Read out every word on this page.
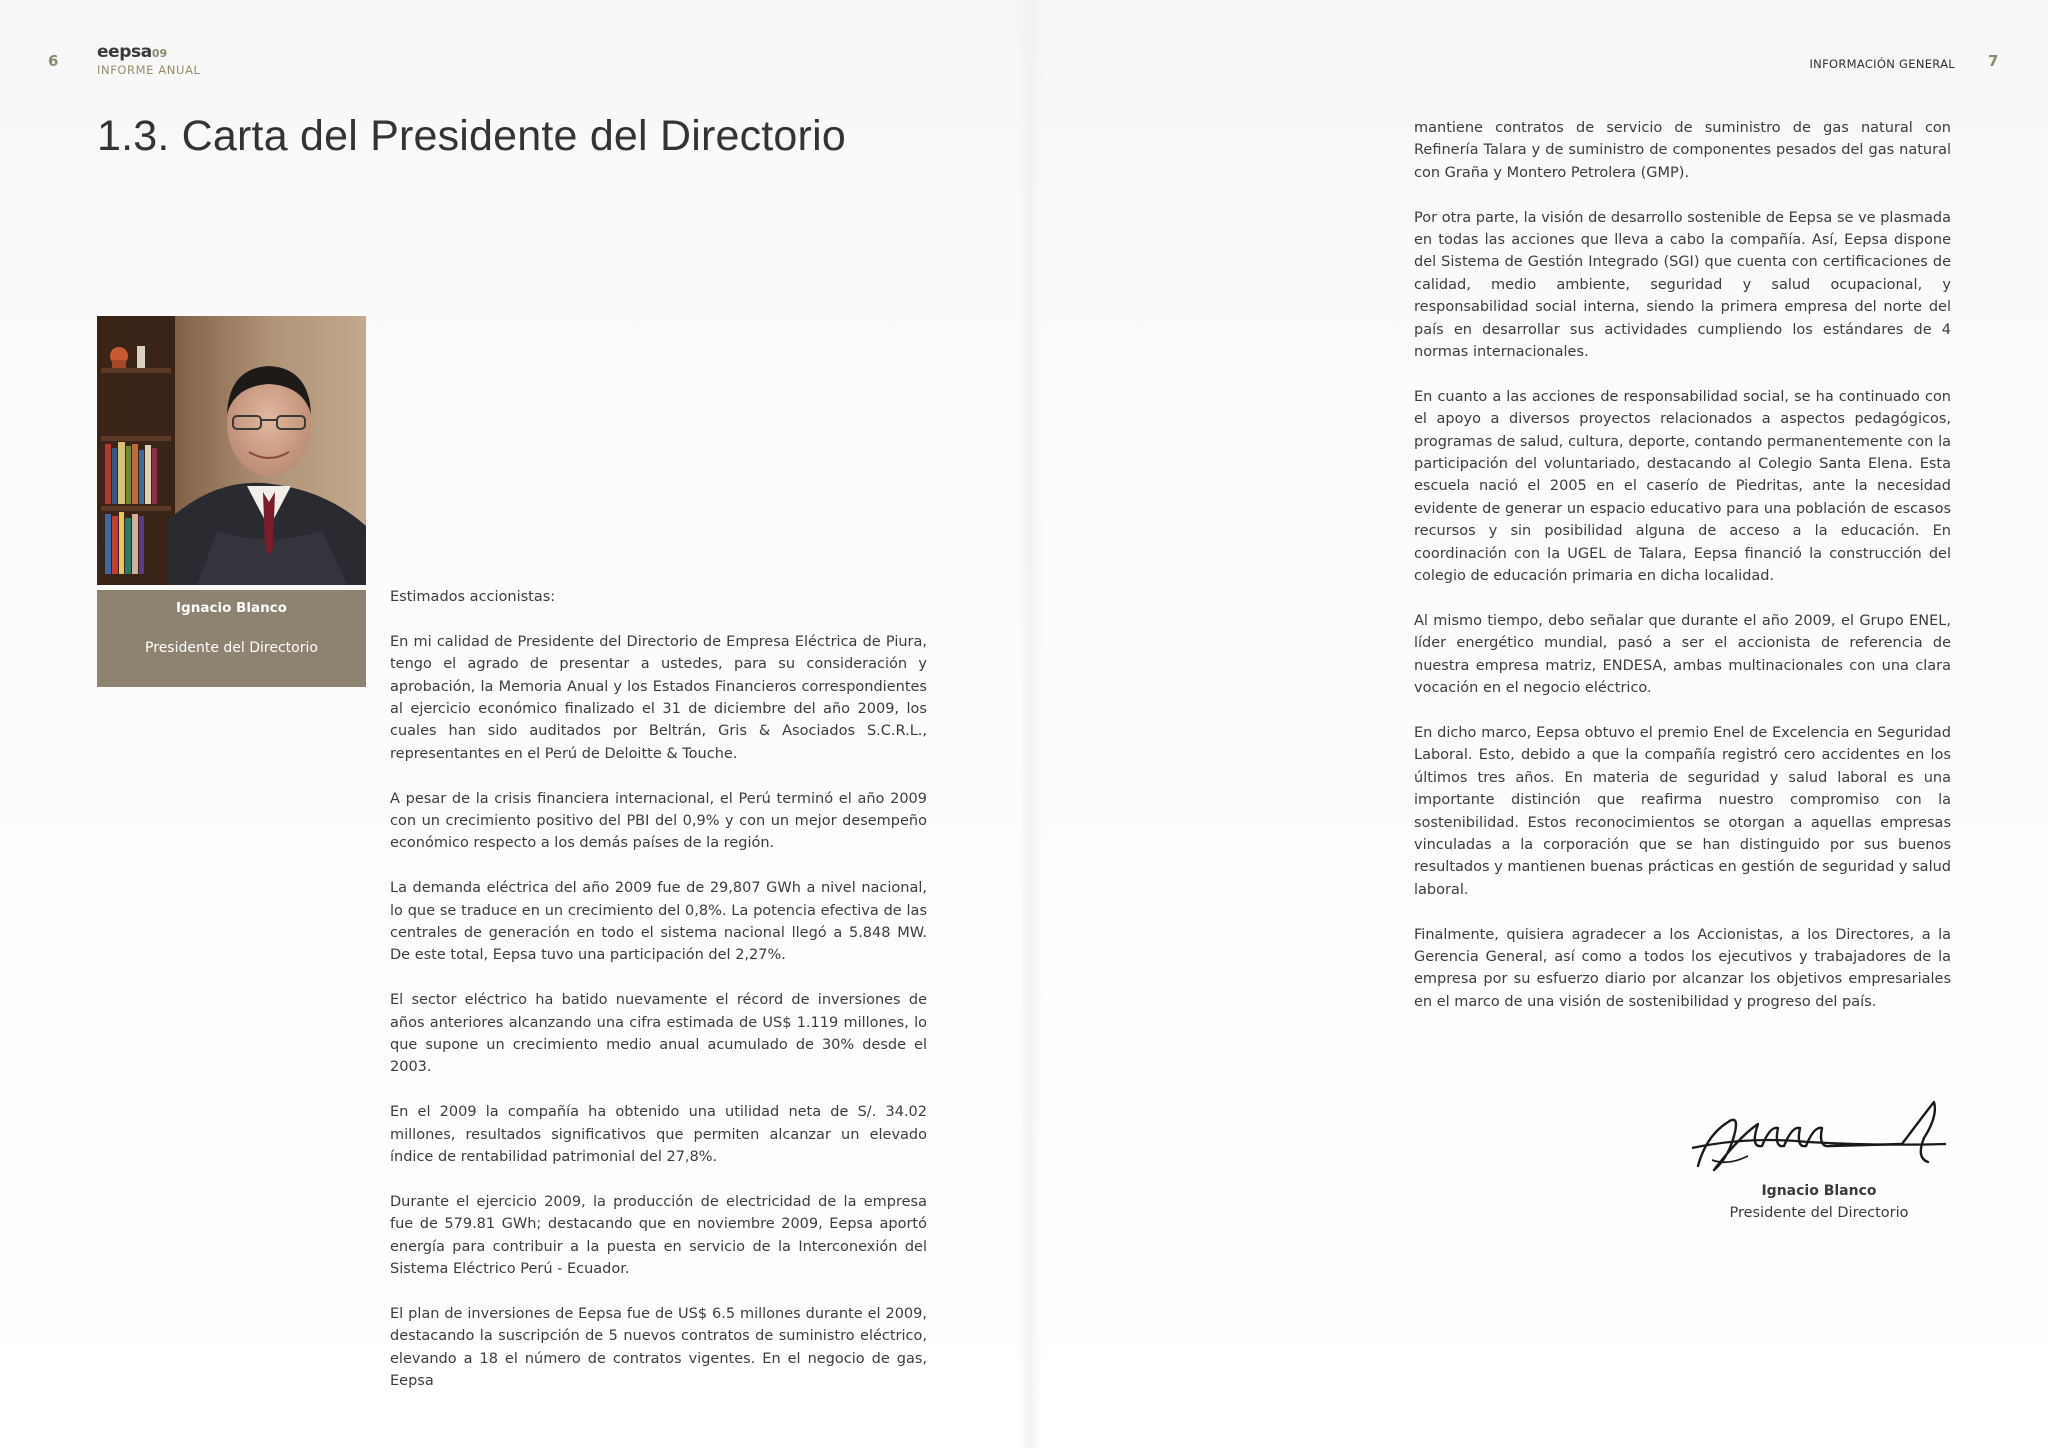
6	7
eepsa09
INFORME ANUAL	INFORMACIÓN GENERAL
1.3. Carta del Presidente del Directorio
Ignacio Blanco
Presidente del Directorio

Estimados accionistas:

En mi calidad de Presidente del Directorio de Empresa Eléctrica de Piura, tengo el agrado de presentar a ustedes, para su consideración y aprobación, la Memoria Anual y los Estados Financieros correspondientes al ejercicio económico finalizado el 31 de diciembre del año 2009, los cuales han sido auditados por Beltrán, Gris & Asociados S.C.R.L., representantes en el Perú de Deloitte & Touche.

A pesar de la crisis financiera internacional, el Perú terminó el año 2009 con un crecimiento positivo del PBI del 0,9% y con un mejor desempeño económico respecto a los demás países de la región.

La demanda eléctrica del año 2009 fue de 29,807 GWh a nivel nacional, lo que se traduce en un crecimiento del 0,8%. La potencia efectiva de las centrales de generación en todo el sistema nacional llegó a 5.848 MW. De este total, Eepsa tuvo una participación del 2,27%.

El sector eléctrico ha batido nuevamente el récord de inversiones de años anteriores alcanzando una cifra estimada de US$ 1.119 millones, lo que supone un crecimiento medio anual acumulado de 30% desde el 2003.

En el 2009 la compañía ha obtenido una utilidad neta de S/. 34.02 millones, resultados significativos que permiten alcanzar un elevado índice de rentabilidad patrimonial del 27,8%.

Durante el ejercicio 2009, la producción de electricidad de la empresa fue de 579.81 GWh; destacando que en noviembre 2009, Eepsa aportó energía para contribuir a la puesta en servicio de la Interconexión del Sistema Eléctrico Perú - Ecuador.

El plan de inversiones de Eepsa fue de US$ 6.5 millones durante el 2009, destacando la suscripción de 5 nuevos contratos de suministro eléctrico, elevando a 18 el número de contratos vigentes. En el negocio de gas, Eepsa

mantiene contratos de servicio de suministro de gas natural con Refinería Talara y de suministro de componentes pesados del gas natural con Graña y Montero Petrolera (GMP).

Por otra parte, la visión de desarrollo sostenible de Eepsa se ve plasmada en todas las acciones que lleva a cabo la compañía. Así, Eepsa dispone del Sistema de Gestión Integrado (SGI) que cuenta con certificaciones de calidad, medio ambiente, seguridad y salud ocupacional, y responsabilidad social interna, siendo la primera empresa del norte del país en desarrollar sus actividades cumpliendo los estándares de 4 normas internacionales.

En cuanto a las acciones de responsabilidad social, se ha continuado con el apoyo a diversos proyectos relacionados a aspectos pedagógicos, programas de salud, cultura, deporte, contando permanentemente con la participación del voluntariado, destacando al Colegio Santa Elena. Esta escuela nació el 2005 en el caserío de Piedritas, ante la necesidad evidente de generar un espacio educativo para una población de escasos recursos y sin posibilidad alguna de acceso a la educación. En coordinación con la UGEL de Talara, Eepsa financió la construcción del colegio de educación primaria en dicha localidad.

Al mismo tiempo, debo señalar que durante el año 2009, el Grupo ENEL, líder energético mundial, pasó a ser el accionista de referencia de nuestra empresa matriz, ENDESA, ambas multinacionales con una clara vocación en el negocio eléctrico.

En dicho marco, Eepsa obtuvo el premio Enel de Excelencia en Seguridad Laboral. Esto, debido a que la compañía registró cero accidentes en los últimos tres años. En materia de seguridad y salud laboral es una importante distinción que reafirma nuestro compromiso con la sostenibilidad. Estos reconocimientos se otorgan a aquellas empresas vinculadas a la corporación que se han distinguido por sus buenos resultados y mantienen buenas prácticas en gestión de seguridad y salud laboral.

Finalmente, quisiera agradecer a los Accionistas, a los Directores, a la Gerencia General, así como a todos los ejecutivos y trabajadores de la empresa por su esfuerzo diario por alcanzar los objetivos empresariales en el marco de una visión de sostenibilidad y progreso del país.

Ignacio Blanco
Presidente del Directorio
